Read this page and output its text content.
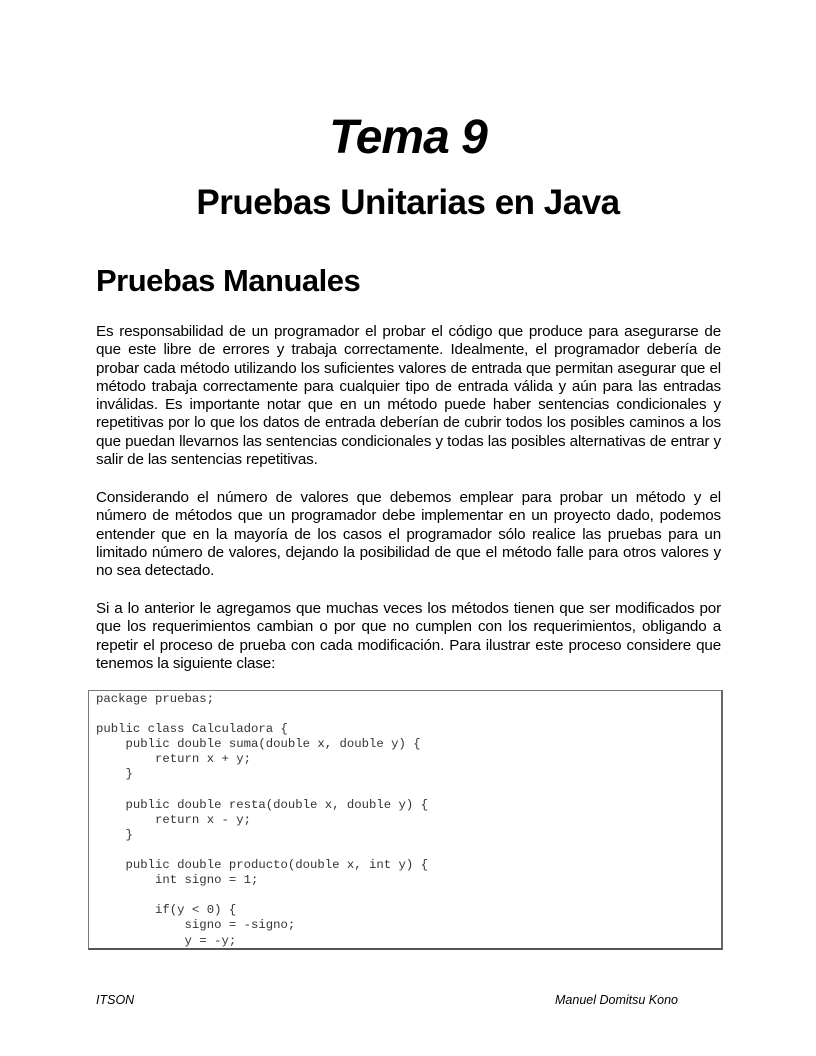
Tema 9
Pruebas Unitarias en Java
Pruebas Manuales

Es responsabilidad de un programador el probar el código que produce para asegurarse de que este libre de errores y trabaja correctamente. Idealmente, el programador debería de probar cada método utilizando los suficientes valores de entrada que permitan asegurar que el método trabaja correctamente para cualquier tipo de entrada válida y aún para las entradas inválidas. Es importante notar que en un método puede haber sentencias condicionales y repetitivas por lo que los datos de entrada deberían de cubrir todos los posibles caminos a los que puedan llevarnos las sentencias condicionales y todas las posibles alternativas de entrar y salir de las sentencias repetitivas.

Considerando el número de valores que debemos emplear para probar un método y el número de métodos que un programador debe implementar en un proyecto dado, podemos entender que en la mayoría de los casos el programador sólo realice las pruebas para un limitado número de valores, dejando la posibilidad de que el método falle para otros valores y no sea detectado.

Si a lo anterior le agregamos que muchas veces los métodos tienen que ser modificados por que los requerimientos cambian o por que no cumplen con los requerimientos, obligando a repetir el proceso de prueba con cada modificación. Para ilustrar este proceso considere que tenemos la siguiente clase:

package pruebas;
public class Calculadora {
public double suma(double x, double y) {
return x + y;
}
public double resta(double x, double y) {
return x - y;
}
public double producto(double x, int y) {
int signo = 1;
if(y < 0) {
signo = -signo;
y = -y;
ITSON	Manuel Domitsu Kono
